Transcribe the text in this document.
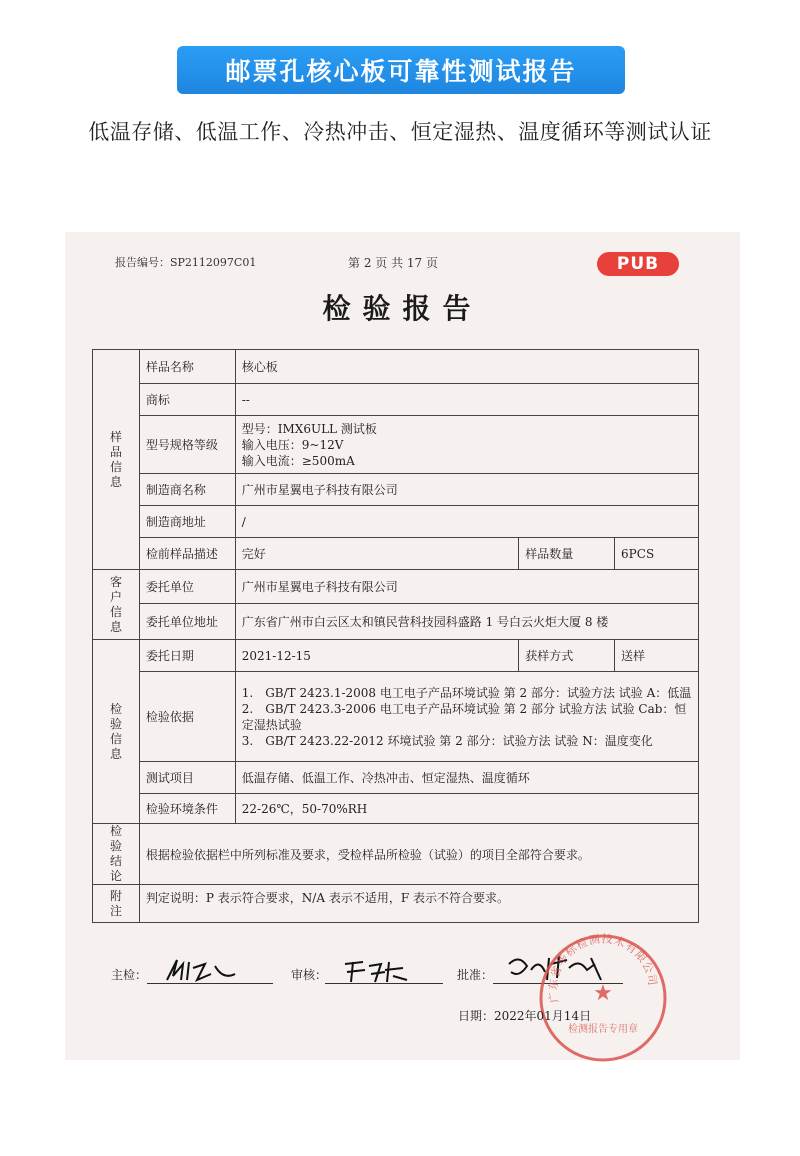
邮票孔核心板可靠性测试报告
低温存储、低温工作、冷热冲击、恒定湿热、温度循环等测试认证
报告编号：SP2112097C01	第 2 页 共 17 页	PUB
检验报告
样品信息	样品名称	核心板		
	商标	--		
	型号规格等级	型号：IMX6ULL 测试板
输入电压：9~12V
输入电流：≥500mA		

	制造商名称	广州市星翼电子科技有限公司		
	制造商地址	/		
	检前样品描述	完好	样品数量	6PCS
客户信息	委托单位	广州市星翼电子科技有限公司		
	委托单位地址	广东省广州市白云区太和镇民营科技园科盛路 1 号白云火炬大厦 8 楼		
检验信息	委托日期	2021-12-15	获样方式	送样
	检验依据	1.　GB/T 2423.1-2008 电工电子产品环境试验 第 2 部分：试验方法 试验 A：低温
2.　GB/T 2423.3-2006 电工电子产品环境试验 第 2 部分 试验方法 试验 Cab：恒定湿热试验
3.　GB/T 2423.22-2012 环境试验 第 2 部分：试验方法 试验 N：温度变化		

	测试项目	低温存储、低温工作、冷热冲击、恒定湿热、温度循环		
	检验环境条件	22-26℃，50-70%RH		
检验结论	根据检验依据栏中所列标准及要求，受检样品所检验（试验）的项目全部符合要求。			
附注	判定说明：P 表示符合要求，N/A 表示不适用，F 表示不符合要求。			
主检：	审核：	批准：
广东省华标检测技术有限公司
★
检测报告专用章
日期：2022年01月14日
